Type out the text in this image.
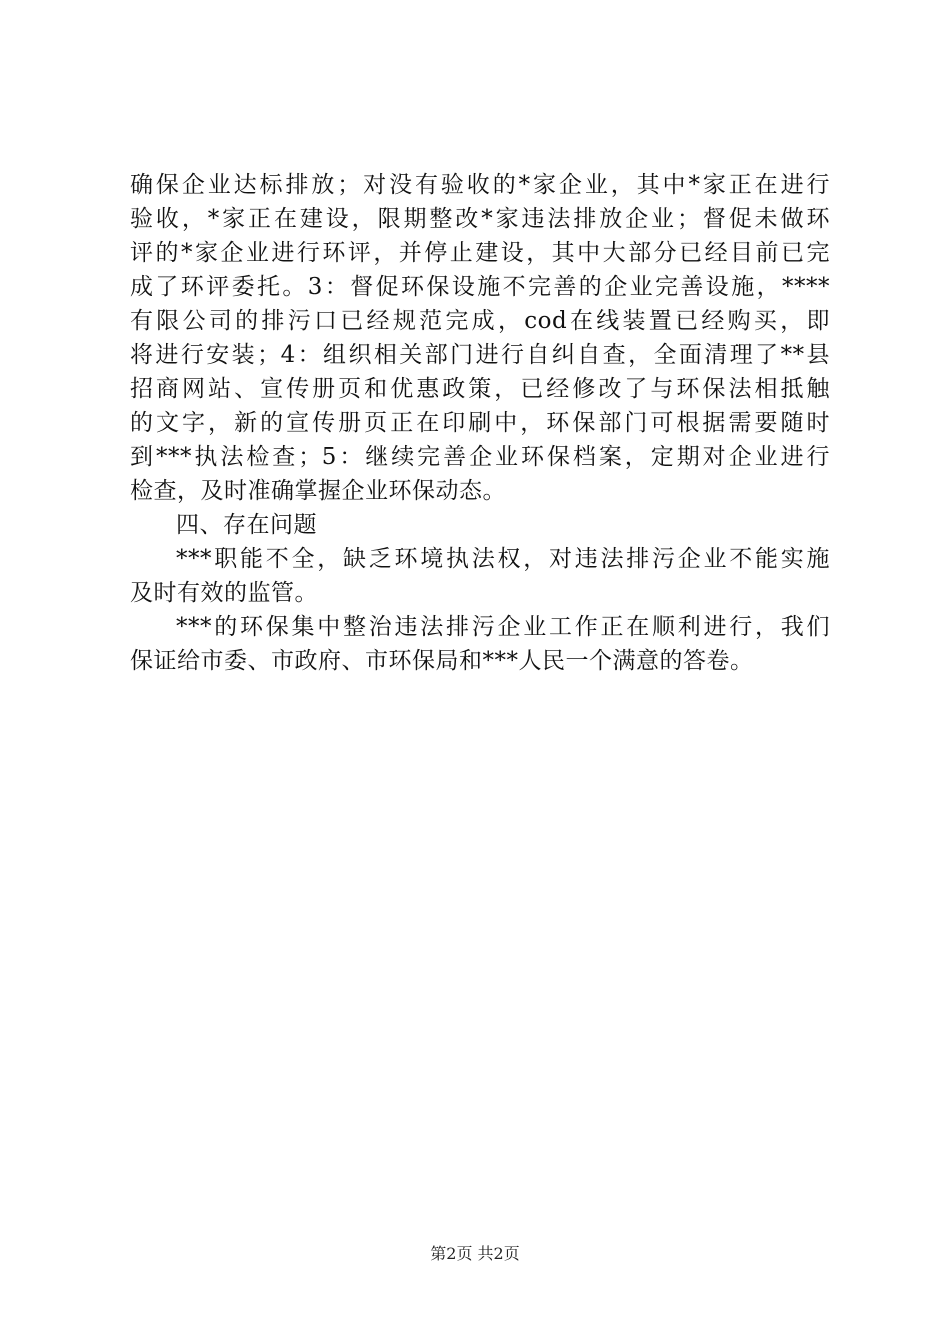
确保企业达标排放；对没有验收的*家企业，其中*家正在进行
验收，*家正在建设，限期整改*家违法排放企业；督促未做环
评的*家企业进行环评，并停止建设，其中大部分已经目前已完
成了环评委托。3：督促环保设施不完善的企业完善设施，****
有限公司的排污口已经规范完成，cod在线装置已经购买，即
将进行安装；4：组织相关部门进行自纠自查，全面清理了**县
招商网站、宣传册页和优惠政策，已经修改了与环保法相抵触
的文字，新的宣传册页正在印刷中，环保部门可根据需要随时
到***执法检查；5：继续完善企业环保档案，定期对企业进行
检查，及时准确掌握企业环保动态。
四、存在问题
***职能不全，缺乏环境执法权，对违法排污企业不能实施
及时有效的监管。
***的环保集中整治违法排污企业工作正在顺利进行，我们
保证给市委、市政府、市环保局和***人民一个满意的答卷。
第2页 共2页
